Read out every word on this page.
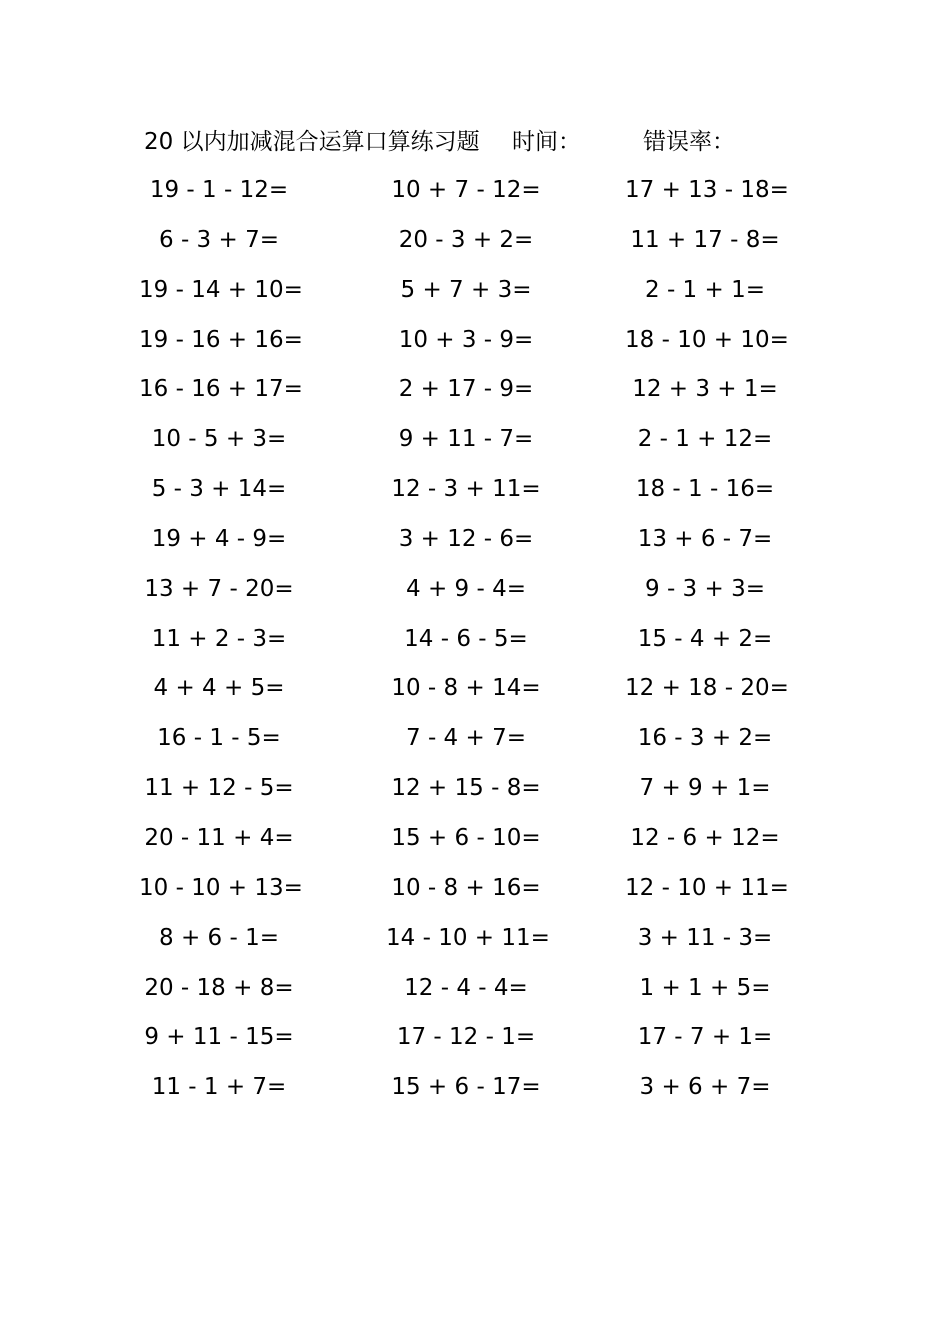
20 以内加减混合运算口算练习题 时间：	错误率：
19 - 1 - 12=	10 + 7 - 12=	17 + 13 - 18=
6 - 3 + 7=	20 - 3 + 2=	11 + 17 - 8=
19 - 14 + 10=	5 + 7 + 3=	2 - 1 + 1=
19 - 16 + 16=	10 + 3 - 9=	18 - 10 + 10=
16 - 16 + 17=	2 + 17 - 9=	12 + 3 + 1=
10 - 5 + 3=	9 + 11 - 7=	2 - 1 + 12=
5 - 3 + 14=	12 - 3 + 11=	18 - 1 - 16=
19 + 4 - 9=	3 + 12 - 6=	13 + 6 - 7=
13 + 7 - 20=	4 + 9 - 4=	9 - 3 + 3=
11 + 2 - 3=	14 - 6 - 5=	15 - 4 + 2=
4 + 4 + 5=	10 - 8 + 14=	12 + 18 - 20=
16 - 1 - 5=	7 - 4 + 7=	16 - 3 + 2=
11 + 12 - 5=	12 + 15 - 8=	7 + 9 + 1=
20 - 11 + 4=	15 + 6 - 10=	12 - 6 + 12=
10 - 10 + 13=	10 - 8 + 16=	12 - 10 + 11=
8 + 6 - 1=	14 - 10 + 11=	3 + 11 - 3=
20 - 18 + 8=	12 - 4 - 4=	1 + 1 + 5=
9 + 11 - 15=	17 - 12 - 1=	17 - 7 + 1=
11 - 1 + 7=	15 + 6 - 17=	3 + 6 + 7=
